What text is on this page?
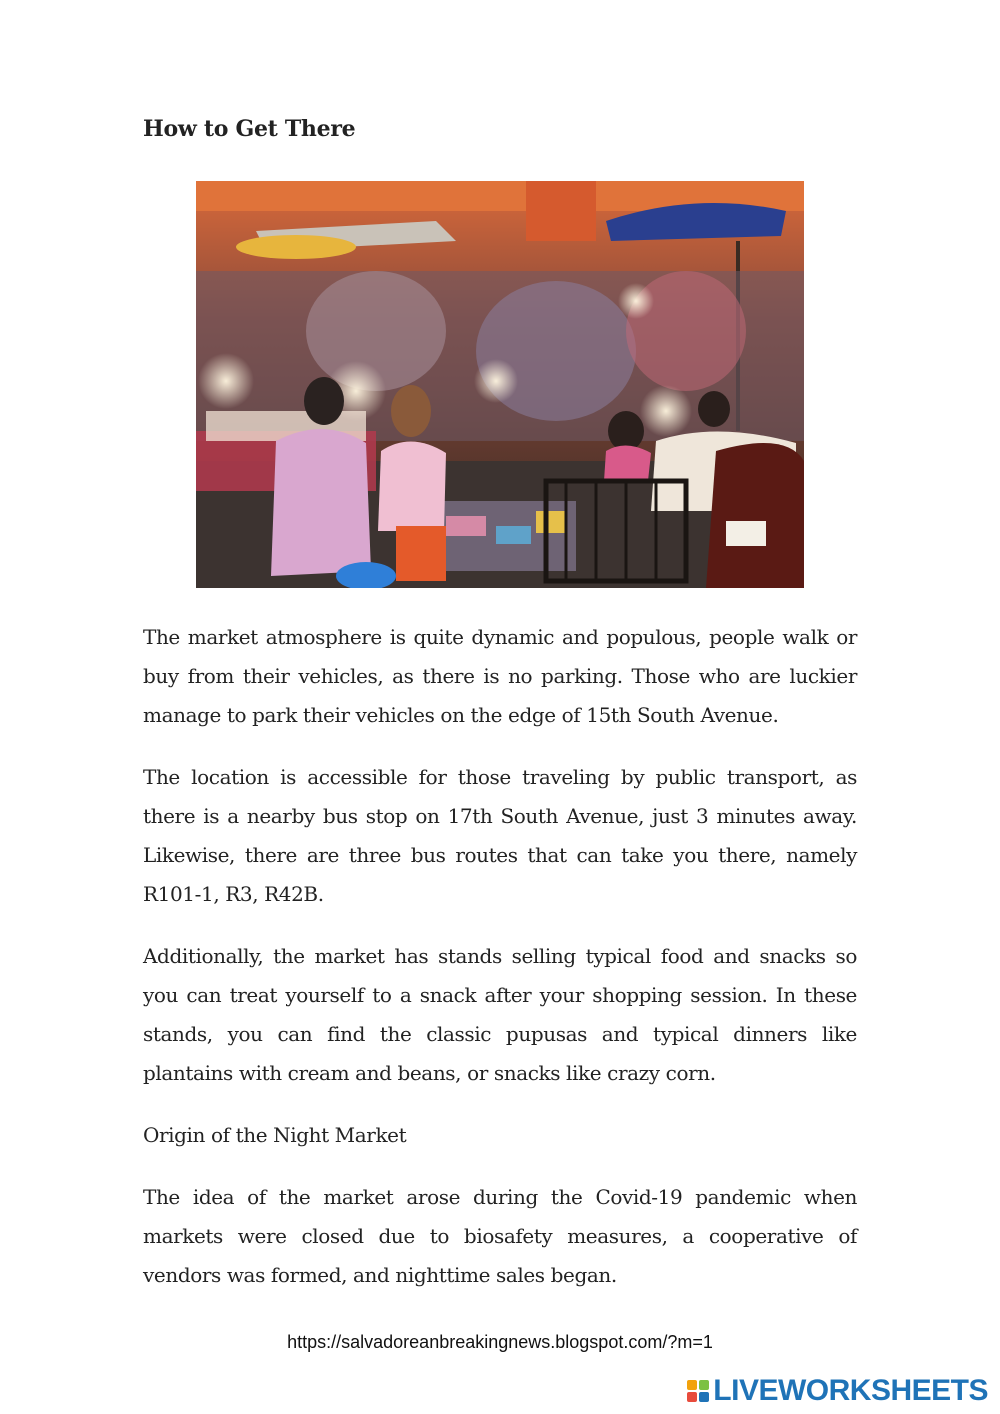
How to Get There

The market atmosphere is quite dynamic and populous, people walk or buy from their vehicles, as there is no parking. Those who are luckier manage to park their vehicles on the edge of 15th South Avenue.

The location is accessible for those traveling by public transport, as there is a nearby bus stop on 17th South Avenue, just 3 minutes away. Likewise, there are three bus routes that can take you there, namely R101-1, R3, R42B.

Additionally, the market has stands selling typical food and snacks so you can treat yourself to a snack after your shopping session. In these stands, you can find the classic pupusas and typical dinners like plantains with cream and beans, or snacks like crazy corn.

Origin of the Night Market

The idea of the market arose during the Covid-19 pandemic when markets were closed due to biosafety measures, a cooperative of vendors was formed, and nighttime sales began.

https://salvadoreanbreakingnews.blogspot.com/?m=1
LIVEWORKSHEETS
